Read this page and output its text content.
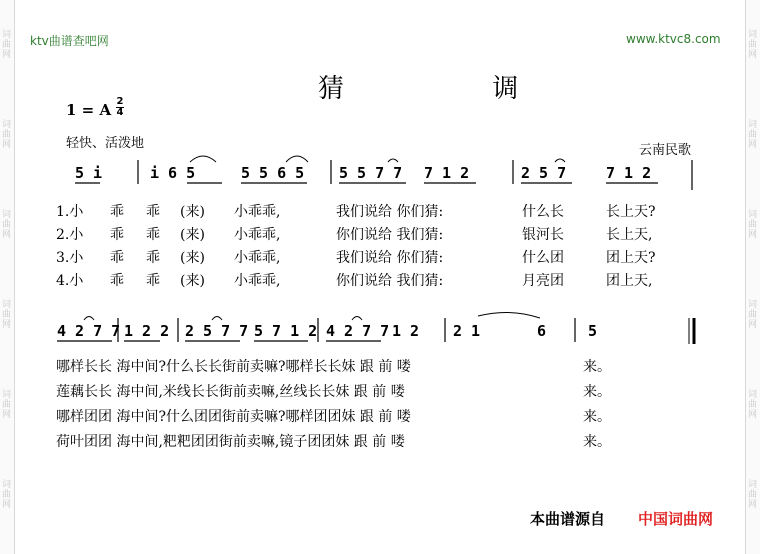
词曲网
词曲网
词曲网
词曲网
词曲网
词曲网
词曲网
词曲网
词曲网
词曲网
词曲网
词曲网
ktv曲谱查吧网	www.ktvc8.com
猜 调
1 = A 2
4
轻快、活泼地	云南民歌
5 i	i 6 5	5 5 6 5 5 5 7 7 7 1 2	2 5 7	7 1 2
1.小 乖 乖 (来) 小乖乖,	我们说给 你们猜:	什么长	长上天?
2.小 乖 乖 (来) 小乖乖,	你们说给 我们猜:	银河长	长上天,
3.小 乖 乖 (来) 小乖乖,	我们说给 你们猜:	什么团	团上天?
4.小 乖 乖 (来) 小乖乖,	你们说给 我们猜:	月亮团	团上天,
4 2 7 7 1 2 2 2 5 7 7 5 7 1 2 4 2 7 7 1 2 2 1	6	5
哪样长长 海中间?什么长长街前卖嘛?哪样长长妹 跟 前 喽	来。
莲藕长长 海中间,米线长长街前卖嘛,丝线长长妹 跟 前 喽	来。
哪样团团 海中间?什么团团街前卖嘛?哪样团团妹 跟 前 喽	来。
荷叶团团 海中间,粑粑团团街前卖嘛,镜子团团妹 跟 前 喽	来。
本曲谱源自 中国词曲网
